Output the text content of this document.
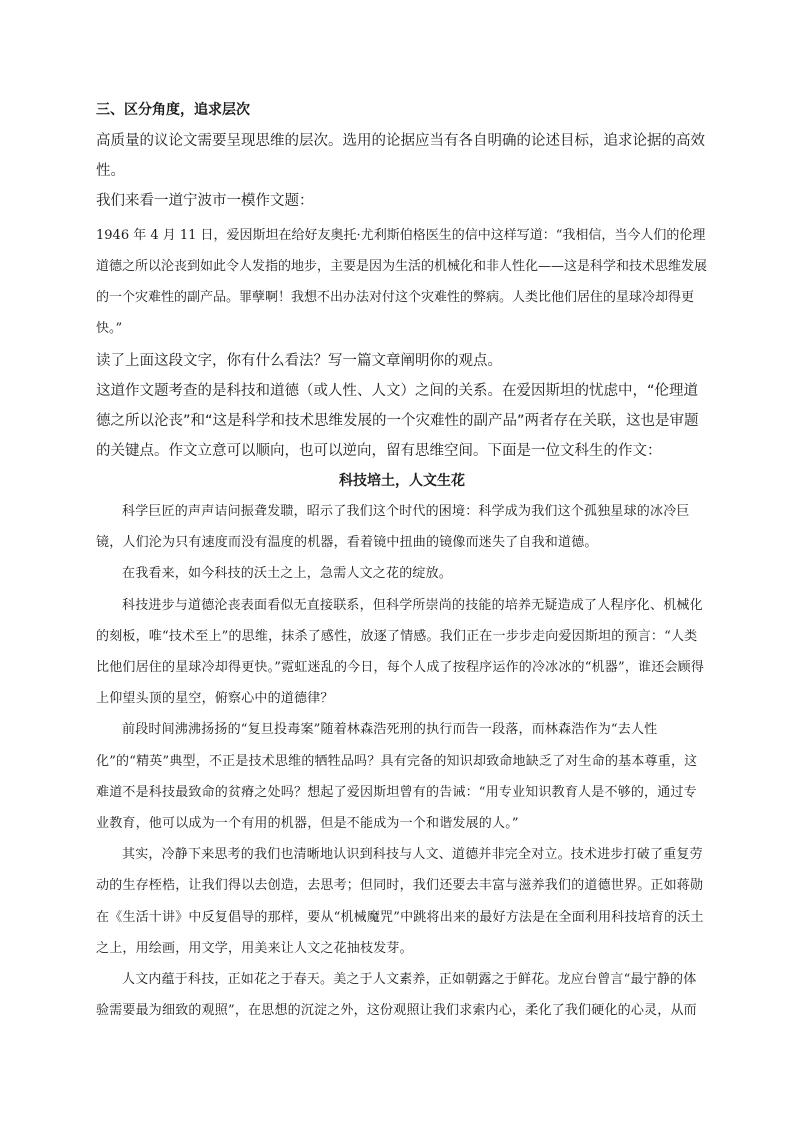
三、区分角度，追求层次

高质量的议论文需要呈现思维的层次。选用的论据应当有各自明确的论述目标，追求论据的高效性。

我们来看一道宁波市一模作文题：

1946 年 4 月 11 日，爱因斯坦在给好友奥托·尤利斯伯格医生的信中这样写道：“我相信，当今人们的伦理道德之所以沦丧到如此令人发指的地步，主要是因为生活的机械化和非人性化——这是科学和技术思维发展的一个灾难性的副产品。罪孽啊！我想不出办法对付这个灾难性的弊病。人类比他们居住的星球冷却得更快。”

读了上面这段文字，你有什么看法？写一篇文章阐明你的观点。

这道作文题考查的是科技和道德（或人性、人文）之间的关系。在爱因斯坦的忧虑中，“伦理道德之所以沦丧”和“这是科学和技术思维发展的一个灾难性的副产品”两者存在关联，这也是审题的关键点。作文立意可以顺向，也可以逆向，留有思维空间。下面是一位文科生的作文：

科技培土，人文生花

科学巨匠的声声诘问振聋发聩，昭示了我们这个时代的困境：科学成为我们这个孤独星球的冰冷巨镜，人们沦为只有速度而没有温度的机器，看着镜中扭曲的镜像而迷失了自我和道德。

在我看来，如今科技的沃土之上，急需人文之花的绽放。

科技进步与道德沦丧表面看似无直接联系，但科学所崇尚的技能的培养无疑造成了人程序化、机械化的刻板，唯“技术至上”的思维，抹杀了感性，放逐了情感。我们正在一步步走向爱因斯坦的预言：“人类比他们居住的星球冷却得更快。”霓虹迷乱的今日，每个人成了按程序运作的冷冰冰的“机器”，谁还会顾得上仰望头顶的星空，俯察心中的道德律？

前段时间沸沸扬扬的“复旦投毒案”随着林森浩死刑的执行而告一段落，而林森浩作为“去人性化”的“精英”典型，不正是技术思维的牺牲品吗？具有完备的知识却致命地缺乏了对生命的基本尊重，这难道不是科技最致命的贫瘠之处吗？想起了爱因斯坦曾有的告诫：“用专业知识教育人是不够的，通过专业教育，他可以成为一个有用的机器，但是不能成为一个和谐发展的人。”

其实，冷静下来思考的我们也清晰地认识到科技与人文、道德并非完全对立。技术进步打破了重复劳动的生存桎梏，让我们得以去创造，去思考；但同时，我们还要去丰富与滋养我们的道德世界。正如蒋勋在《生活十讲》中反复倡导的那样，要从“机械魔咒”中跳将出来的最好方法是在全面利用科技培育的沃土之上，用绘画，用文学，用美来让人文之花抽枝发芽。

人文内蕴于科技，正如花之于春天。美之于人文素养，正如朝露之于鲜花。龙应台曾言“最宁静的体验需要最为细致的观照”，在思想的沉淀之外，这份观照让我们求索内心，柔化了我们硬化的心灵，从而
